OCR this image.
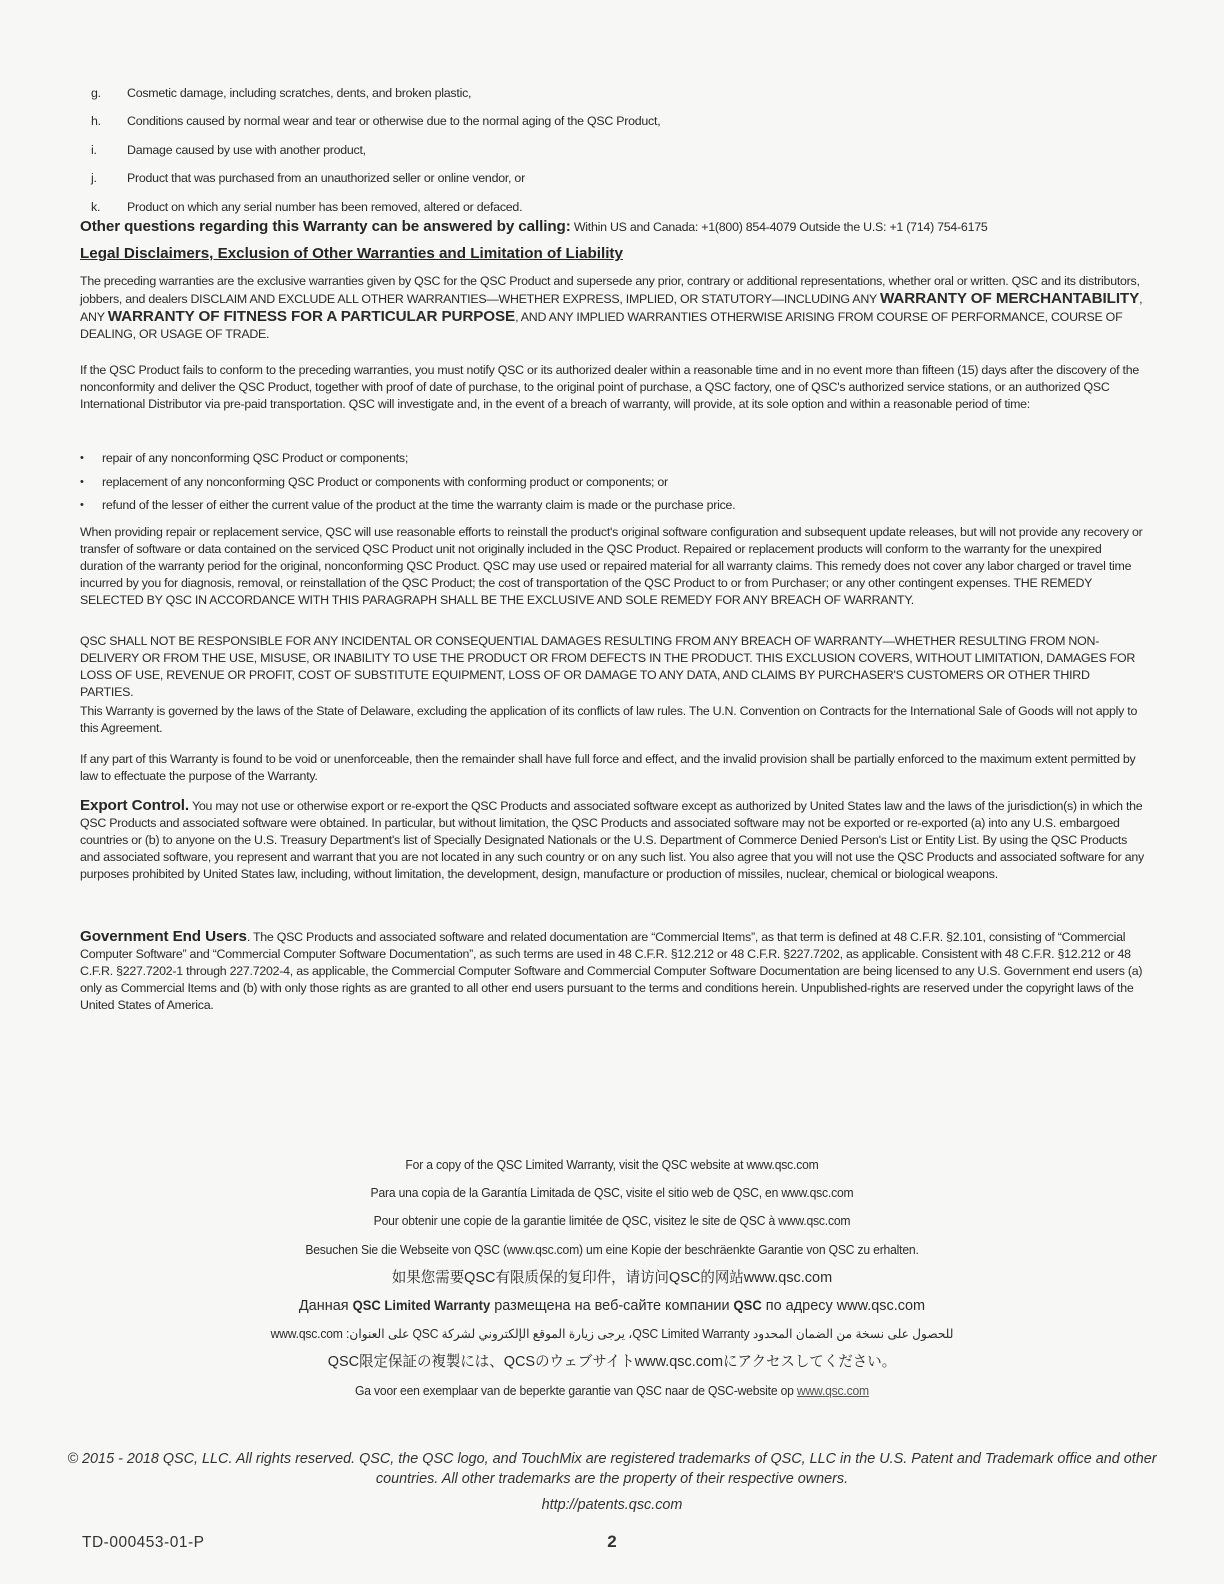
g.	Cosmetic damage, including scratches, dents, and broken plastic,
h.	Conditions caused by normal wear and tear or otherwise due to the normal aging of the QSC Product,
i.	Damage caused by use with another product,
j.	Product that was purchased from an unauthorized seller or online vendor, or
k.	Product on which any serial number has been removed, altered or defaced.
Other questions regarding this Warranty can be answered by calling: Within US and Canada: +1(800) 854-4079 Outside the U.S: +1 (714) 754-6175
Legal Disclaimers, Exclusion of Other Warranties and Limitation of Liability

The preceding warranties are the exclusive warranties given by QSC for the QSC Product and supersede any prior, contrary or additional representations, whether oral or written. QSC and its distributors, jobbers, and dealers DISCLAIM AND EXCLUDE ALL OTHER WARRANTIES—WHETHER EXPRESS, IMPLIED, OR STATUTORY—INCLUDING ANY WARRANTY OF MERCHANTABILITY, ANY WARRANTY OF FITNESS FOR A PARTICULAR PURPOSE, AND ANY IMPLIED WARRANTIES OTHERWISE ARISING FROM COURSE OF PERFORMANCE, COURSE OF DEALING, OR USAGE OF TRADE.

If the QSC Product fails to conform to the preceding warranties, you must notify QSC or its authorized dealer within a reasonable time and in no event more than fifteen (15) days after the discovery of the nonconformity and deliver the QSC Product, together with proof of date of purchase, to the original point of purchase, a QSC factory, one of QSC's authorized service stations, or an authorized QSC International Distributor via pre-paid transportation. QSC will investigate and, in the event of a breach of warranty, will provide, at its sole option and within a reasonable period of time:

•	repair of any nonconforming QSC Product or components;
•	replacement of any nonconforming QSC Product or components with conforming product or components; or
•	refund of the lesser of either the current value of the product at the time the warranty claim is made or the purchase price.

When providing repair or replacement service, QSC will use reasonable efforts to reinstall the product's original software configuration and subsequent update releases, but will not provide any recovery or transfer of software or data contained on the serviced QSC Product unit not originally included in the QSC Product. Repaired or replacement products will conform to the warranty for the unexpired duration of the warranty period for the original, nonconforming QSC Product. QSC may use used or repaired material for all warranty claims. This remedy does not cover any labor charged or travel time incurred by you for diagnosis, removal, or reinstallation of the QSC Product; the cost of transportation of the QSC Product to or from Purchaser; or any other contingent expenses. THE REMEDY SELECTED BY QSC IN ACCORDANCE WITH THIS PARAGRAPH SHALL BE THE EXCLUSIVE AND SOLE REMEDY FOR ANY BREACH OF WARRANTY.

QSC SHALL NOT BE RESPONSIBLE FOR ANY INCIDENTAL OR CONSEQUENTIAL DAMAGES RESULTING FROM ANY BREACH OF WARRANTY—WHETHER RESULTING FROM NON-DELIVERY OR FROM THE USE, MISUSE, OR INABILITY TO USE THE PRODUCT OR FROM DEFECTS IN THE PRODUCT. THIS EXCLUSION COVERS, WITHOUT LIMITATION, DAMAGES FOR LOSS OF USE, REVENUE OR PROFIT, COST OF SUBSTITUTE EQUIPMENT, LOSS OF OR DAMAGE TO ANY DATA, AND CLAIMS BY PURCHASER'S CUSTOMERS OR OTHER THIRD PARTIES.

This Warranty is governed by the laws of the State of Delaware, excluding the application of its conflicts of law rules. The U.N. Convention on Contracts for the International Sale of Goods will not apply to this Agreement.

If any part of this Warranty is found to be void or unenforceable, then the remainder shall have full force and effect, and the invalid provision shall be partially enforced to the maximum extent permitted by law to effectuate the purpose of the Warranty.

Export Control. You may not use or otherwise export or re-export the QSC Products and associated software except as authorized by United States law and the laws of the jurisdiction(s) in which the QSC Products and associated software were obtained. In particular, but without limitation, the QSC Products and associated software may not be exported or re-exported (a) into any U.S. embargoed countries or (b) to anyone on the U.S. Treasury Department's list of Specially Designated Nationals or the U.S. Department of Commerce Denied Person's List or Entity List. By using the QSC Products and associated software, you represent and warrant that you are not located in any such country or on any such list. You also agree that you will not use the QSC Products and associated software for any purposes prohibited by United States law, including, without limitation, the development, design, manufacture or production of missiles, nuclear, chemical or biological weapons.

Government End Users. The QSC Products and associated software and related documentation are “Commercial Items”, as that term is defined at 48 C.F.R. §2.101, consisting of “Commercial Computer Software” and “Commercial Computer Software Documentation”, as such terms are used in 48 C.F.R. §12.212 or 48 C.F.R. §227.7202, as applicable. Consistent with 48 C.F.R. §12.212 or 48 C.F.R. §227.7202-1 through 227.7202-4, as applicable, the Commercial Computer Software and Commercial Computer Software Documentation are being licensed to any U.S. Government end users (a) only as Commercial Items and (b) with only those rights as are granted to all other end users pursuant to the terms and conditions herein. Unpublished-rights are reserved under the copyright laws of the United States of America.

For a copy of the QSC Limited Warranty, visit the QSC website at www.qsc.com
Para una copia de la Garantía Limitada de QSC, visite el sitio web de QSC, en www.qsc.com
Pour obtenir une copie de la garantie limitée de QSC, visitez le site de QSC à www.qsc.com
Besuchen Sie die Webseite von QSC (www.qsc.com) um eine Kopie der beschräenkte Garantie von QSC zu erhalten.
如果您需要QSC有限质保的复印件，请访问QSC的网站www.qsc.com
Данная QSC Limited Warranty размещена на веб-сайте компании QSC по адресу www.qsc.com
للحصول على نسخة من الضمان المحدود QSC Limited Warranty، يرجى زيارة الموقع الإلكتروني لشركة QSC على العنوان: www.qsc.com
QSC限定保証の複製には、QCSのウェブサイトwww.qsc.comにアクセスしてください。
Ga voor een exemplaar van de beperkte garantie van QSC naar de QSC-website op www.qsc.com
© 2015 - 2018 QSC, LLC. All rights reserved. QSC, the QSC logo, and TouchMix are registered trademarks of QSC, LLC in the U.S. Patent and Trademark office and other countries. All other trademarks are the property of their respective owners.
http://patents.qsc.com
TD-000453-01-P	2
